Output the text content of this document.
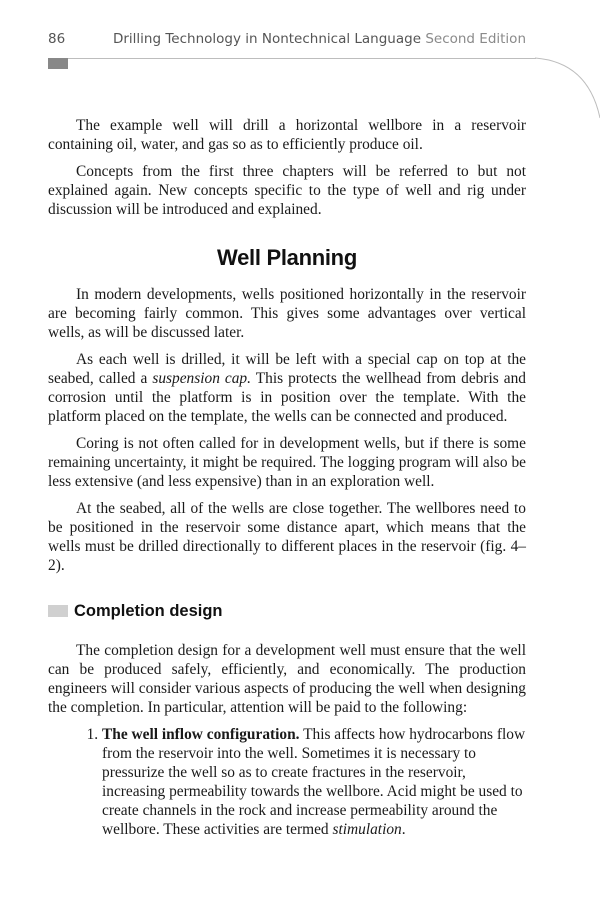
86	Drilling Technology in Nontechnical Language Second Edition

The example well will drill a horizontal wellbore in a reservoir containing oil, water, and gas so as to efficiently produce oil.

Concepts from the first three chapters will be referred to but not explained again. New concepts specific to the type of well and rig under discussion will be introduced and explained.

Well Planning

In modern developments, wells positioned horizontally in the reservoir are becoming fairly common. This gives some advantages over vertical wells, as will be discussed later.

As each well is drilled, it will be left with a special cap on top at the seabed, called a suspension cap. This protects the wellhead from debris and corrosion until the platform is in position over the template. With the platform placed on the template, the wells can be connected and produced.

Coring is not often called for in development wells, but if there is some remaining uncertainty, it might be required. The logging program will also be less extensive (and less expensive) than in an exploration well.

At the seabed, all of the wells are close together. The wellbores need to be positioned in the reservoir some distance apart, which means that the wells must be drilled directionally to different places in the reservoir (fig. 4–2).

Completion design

The completion design for a development well must ensure that the well can be produced safely, efficiently, and economically. The production engineers will consider various aspects of producing the well when designing the completion. In particular, attention will be paid to the following:

1. The well inflow configuration. This affects how hydrocarbons flow from the reservoir into the well. Sometimes it is necessary to pressurize the well so as to create fractures in the reservoir, increasing permeability towards the wellbore. Acid might be used to create channels in the rock and increase permeability around the wellbore. These activities are termed stimulation.
